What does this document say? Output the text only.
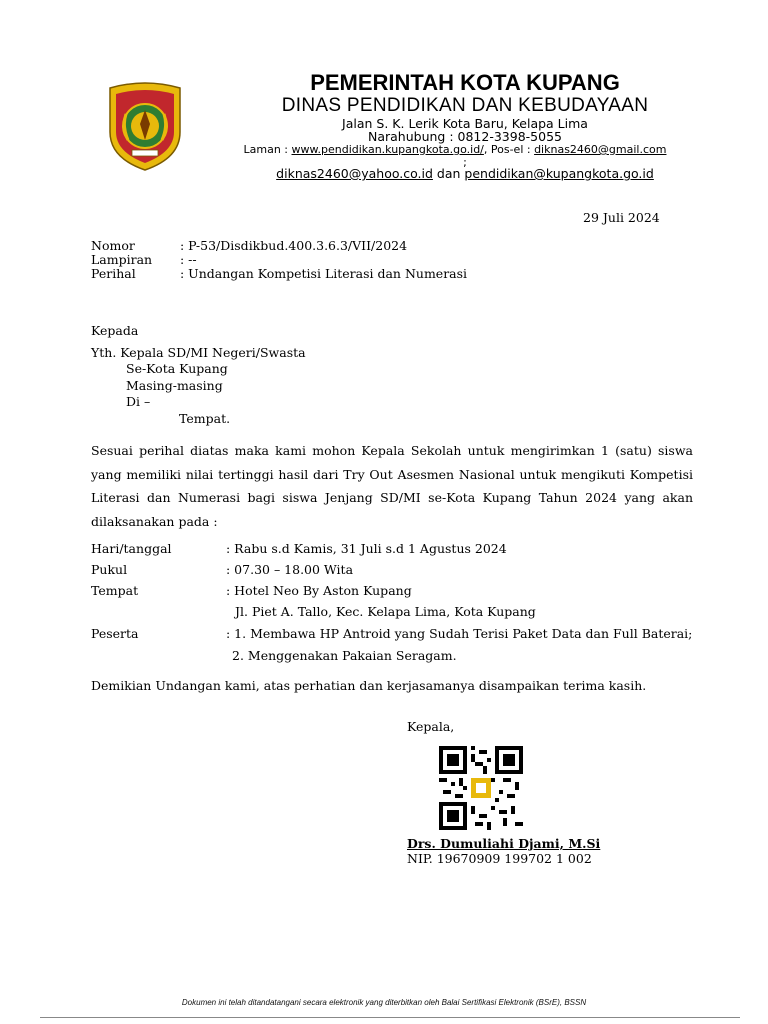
PEMERINTAH KOTA KUPANG
DINAS PENDIDIKAN DAN KEBUDAYAAN
Jalan S. K. Lerik Kota Baru, Kelapa Lima
Narahubung : 0812-3398-5055
Laman : www.pendidikan.kupangkota.go.id/, Pos-el : diknas2460@gmail.com
;
diknas2460@yahoo.co.id dan pendidikan@kupangkota.go.id
29 Juli 2024
Nomor	: P-53/Disdikbud.400.3.6.3/VII/2024
Lampiran : --
Perihal	: Undangan Kompetisi Literasi dan Numerasi
Kepada
Yth. Kepala SD/MI Negeri/Swasta
Se-Kota Kupang
Masing-masing
Di –
Tempat.
Sesuai perihal diatas maka kami mohon Kepala Sekolah untuk mengirimkan 1 (satu) siswa yang memiliki nilai tertinggi hasil dari Try Out Asesmen Nasional untuk mengikuti Kompetisi Literasi dan Numerasi bagi siswa Jenjang SD/MI se-Kota Kupang Tahun 2024 yang akan dilaksanakan pada :
Hari/tanggal	: Rabu s.d Kamis, 31 Juli s.d 1 Agustus 2024
Pukul	: 07.30 – 18.00 Wita
Tempat	: Hotel Neo By Aston Kupang
Jl. Piet A. Tallo, Kec. Kelapa Lima, Kota Kupang
Peserta	: 1. Membawa HP Antroid yang Sudah Terisi Paket Data dan Full Baterai;
2. Menggenakan Pakaian Seragam.
Demikian Undangan kami, atas perhatian dan kerjasamanya disampaikan terima kasih.
Kepala,
Drs. Dumuliahi Djami, M.Si
NIP. 19670909 199702 1 002
Dokumen ini telah ditandatangani secara elektronik yang diterbitkan oleh Balai Sertifikasi Elektronik (BSrE), BSSN
